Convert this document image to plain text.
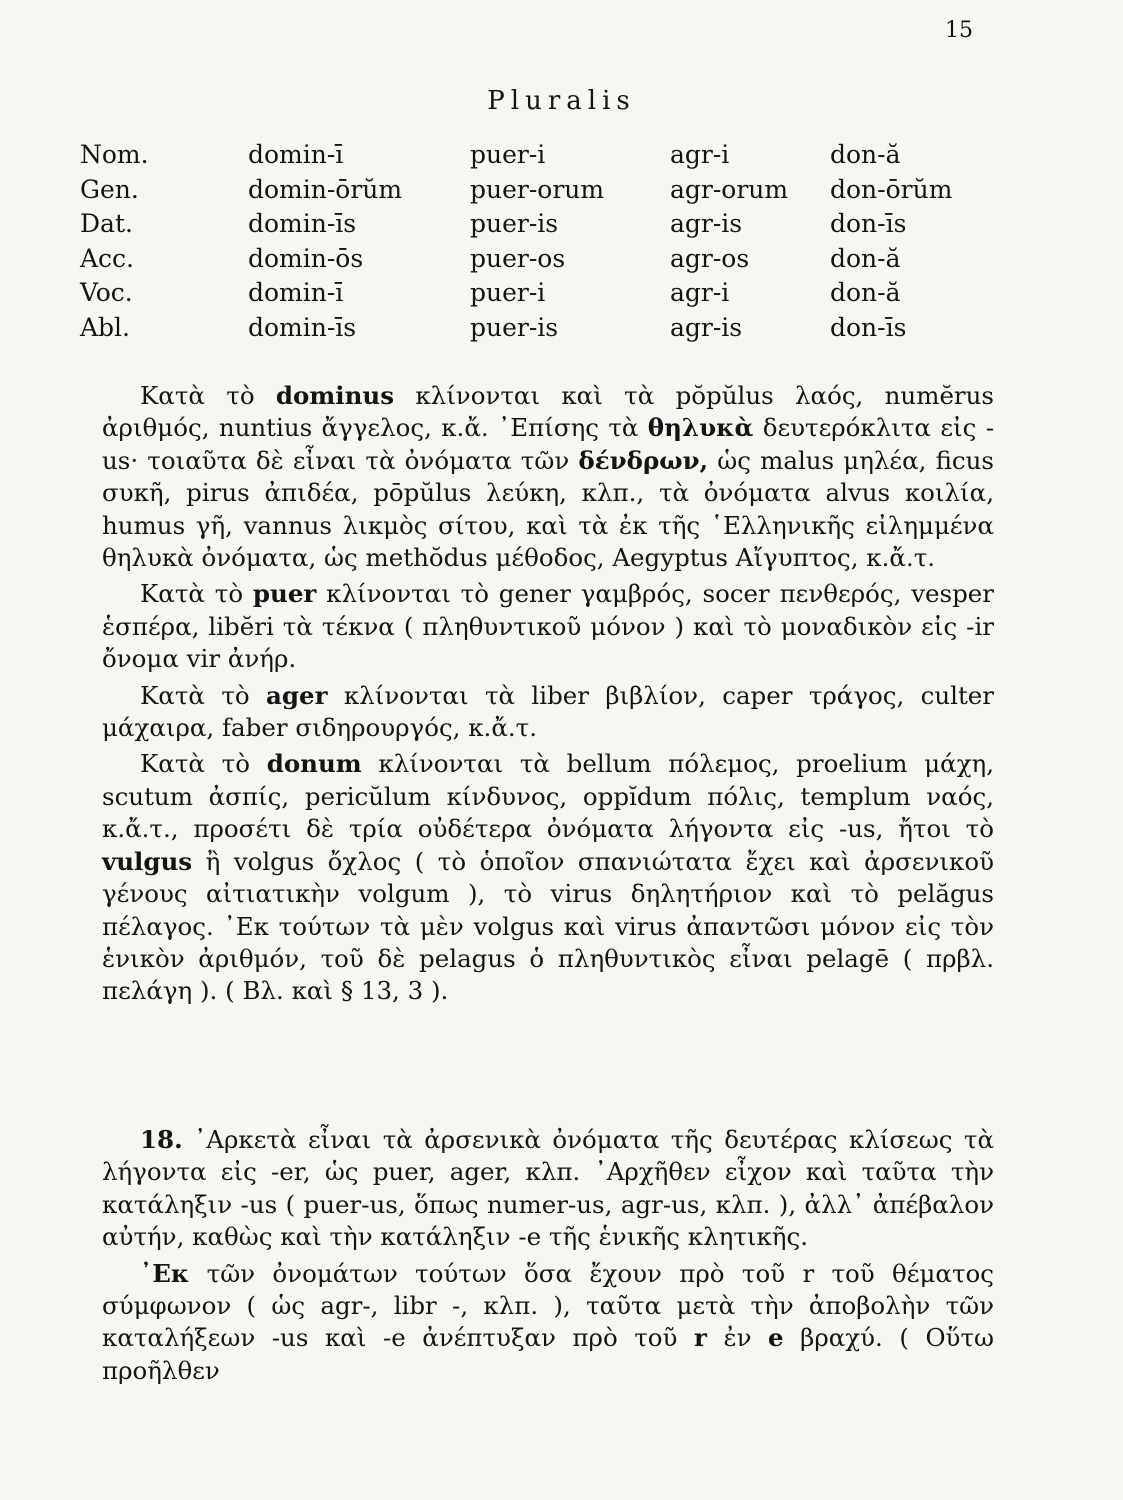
15
Pluralis
Nom.	domin-ī	puer-i	agr-i	don-ă
Gen.	domin-ōrŭm	puer-orum	agr-orum	don-ōrŭm
Dat.	domin-īs	puer-is	agr-is	don-īs
Acc.	domin-ōs	puer-os	agr-os	don-ă
Voc.	domin-ī	puer-i	agr-i	don-ă
Abl.	domin-īs	puer-is	agr-is	don-īs

Κατὰ τὸ dominus κλίνονται καὶ τὰ pŏpŭlus λαός, numĕrus ἀριθμός, nuntius ἄγγελος, κ.ἄ. ᾿Επίσης τὰ θηλυκὰ δευτερόκλιτα εἰς - us· τοιαῦτα δὲ εἶναι τὰ ὀνόματα τῶν δένδρων, ὡς malus μηλέα, ficus συκῆ, pirus ἀπιδέα, pōpŭlus λεύκη, κλπ., τὰ ὀνόματα alvus κοιλία, humus γῆ, vannus λικμὸς σίτου, καὶ τὰ ἐκ τῆς ῾Ελληνικῆς εἰλημμένα θηλυκὰ ὀνόματα, ὡς methŏdus μέθοδος, Aegyptus Αἴγυπτος, κ.ἄ.τ.

Κατὰ τὸ puer κλίνονται τὸ gener γαμβρός, socer πενθερός, vesper ἑσπέρα, libĕri τὰ τέκνα ( πληθυντικοῦ μόνον ) καὶ τὸ μοναδικὸν εἰς -ir ὄνομα vir ἀνήρ.

Κατὰ τὸ ager κλίνονται τὰ liber βιβλίον, caper τράγος, culter μάχαιρα, faber σιδηρουργός, κ.ἄ.τ.

Κατὰ τὸ donum κλίνονται τὰ bellum πόλεμος, proelium μάχη, scutum ἀσπίς, pericŭlum κίνδυνος, oppĭdum πόλις, templum ναός, κ.ἄ.τ., προσέτι δὲ τρία οὐδέτερα ὀνόματα λήγοντα εἰς -us, ἤτοι τὸ vulgus ἢ volgus ὄχλος ( τὸ ὁποῖον σπανιώτατα ἔχει καὶ ἀρσενικοῦ γένους αἰτιατικὴν volgum ), τὸ virus δηλητήριον καὶ τὸ pelăgus πέλαγος. ᾿Εκ τούτων τὰ μὲν volgus καὶ virus ἀπαντῶσι μόνον εἰς τὸν ἑνικὸν ἀριθμόν, τοῦ δὲ pelagus ὁ πληθυντικὸς εἶναι pelagē ( πρβλ. πελάγη ). ( Βλ. καὶ § 13, 3 ).

18. ᾿Αρκετὰ εἶναι τὰ ἀρσενικὰ ὀνόματα τῆς δευτέρας κλίσεως τὰ λήγοντα εἰς -er, ὡς puer, ager, κλπ. ᾿Αρχῆθεν εἶχον καὶ ταῦτα τὴν κατάληξιν -us ( puer-us, ὅπως numer-us, agr-us, κλπ. ), ἀλλ᾿ ἀπέβαλον αὐτήν, καθὼς καὶ τὴν κατάληξιν -e τῆς ἑνικῆς κλητικῆς.

᾿Εκ τῶν ὀνομάτων τούτων ὅσα ἔχουν πρὸ τοῦ r τοῦ θέματος σύμφωνον ( ὡς agr-, libr -, κλπ. ), ταῦτα μετὰ τὴν ἀποβολὴν τῶν καταλήξεων -us καὶ -e ἀνέπτυξαν πρὸ τοῦ r ἐν e βραχύ. ( Οὕτω προῆλθεν
